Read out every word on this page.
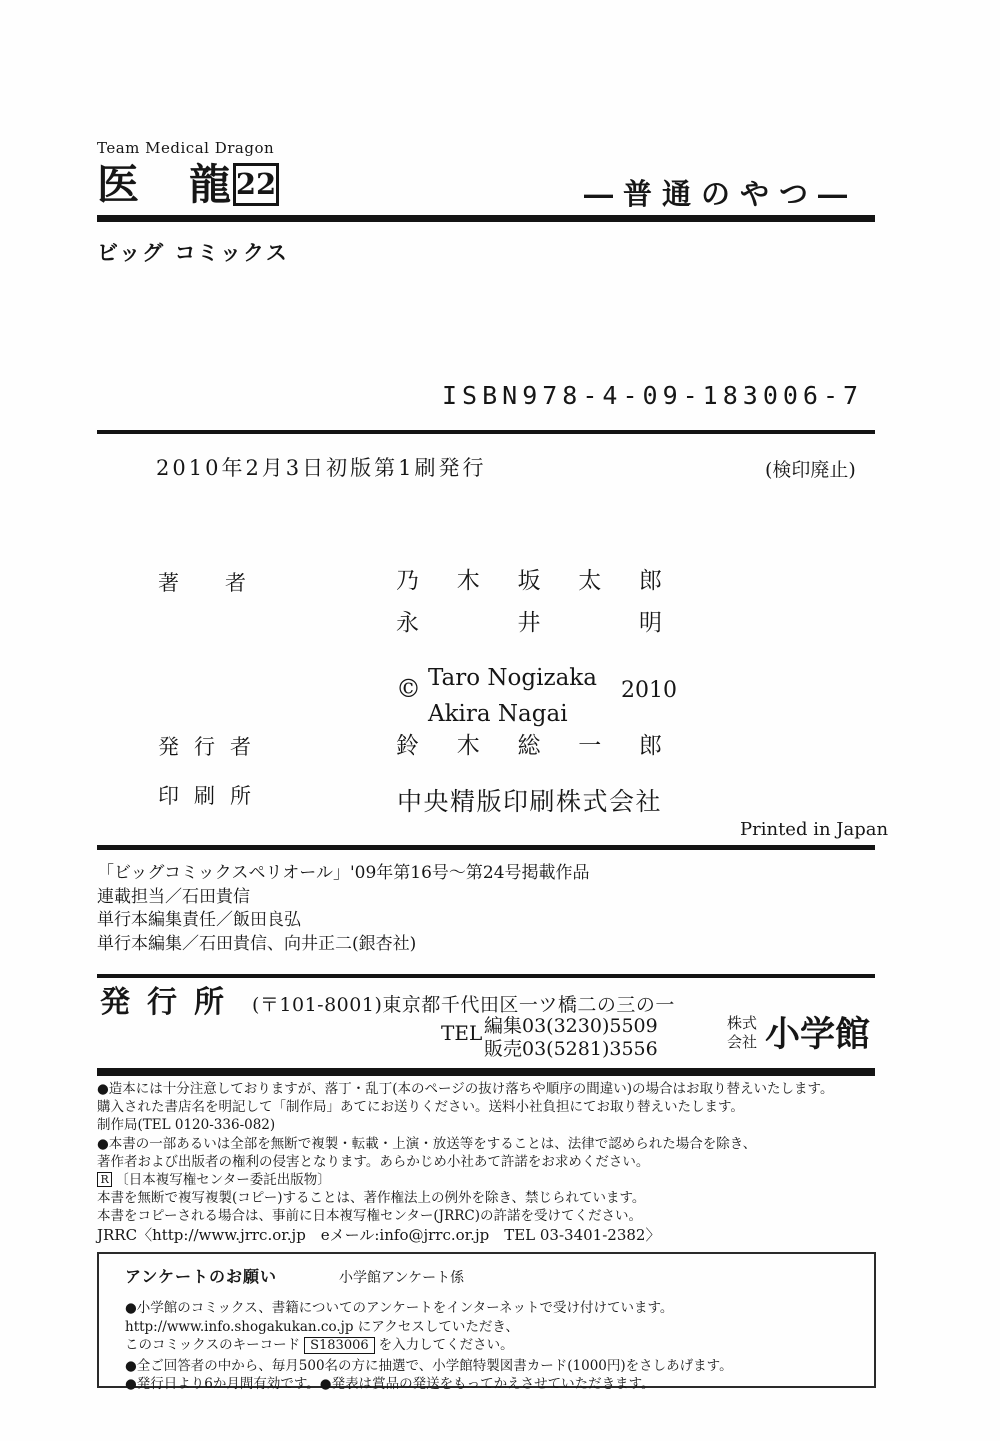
Team Medical Dragon
医 龍 22	―普通のやつ―
ビッグ コミックス
ISBN978-4-09-183006-7
2010年2月3日初版第1刷発行	(検印廃止)
著 者	乃 木 坂 太 郎
永	井	明
© Taro Nogizaka
Akira Nagai
2010
発 行 者	鈴 木 総 一 郎
印 刷 所	中央精版印刷株式会社
Printed in Japan
「ビッグコミックスペリオール」'09年第16号～第24号掲載作品
連載担当／石田貴信
単行本編集責任／飯田良弘
単行本編集／石田貴信、向井正二(銀杏社)
発 行 所 (〒101-8001)東京都千代田区一ツ橋二の三の一
TEL 編集03(3230)5509
販売03(5281)3556
株式
会社 小学館
●造本には十分注意しておりますが、落丁・乱丁(本のページの抜け落ちや順序の間違い)の場合はお取り替えいたします。
購入された書店名を明記して「制作局」あてにお送りください。送料小社負担にてお取り替えいたします。
制作局(TEL 0120-336-082)
●本書の一部あるいは全部を無断で複製・転載・上演・放送等をすることは、法律で認められた場合を除き、
著作者および出版者の権利の侵害となります。あらかじめ小社あて許諾をお求めください。
R 〔日本複写権センター委託出版物〕
本書を無断で複写複製(コピー)することは、著作権法上の例外を除き、禁じられています。
本書をコピーされる場合は、事前に日本複写権センター(JRRC)の許諾を受けてください。
JRRC〈http://www.jrrc.or.jp　eメール:info@jrrc.or.jp　TEL 03-3401-2382〉
アンケートのお願い	小学館アンケート係
●小学館のコミックス、書籍についてのアンケートをインターネットで受け付けています。
http://www.info.shogakukan.co.jp にアクセスしていただき、
このコミックスのキーコード S183006 を入力してください。
●全ご回答者の中から、毎月500名の方に抽選で、小学館特製図書カード(1000円)をさしあげます。
●発行日より6か月間有効です。●発表は賞品の発送をもってかえさせていただきます。
